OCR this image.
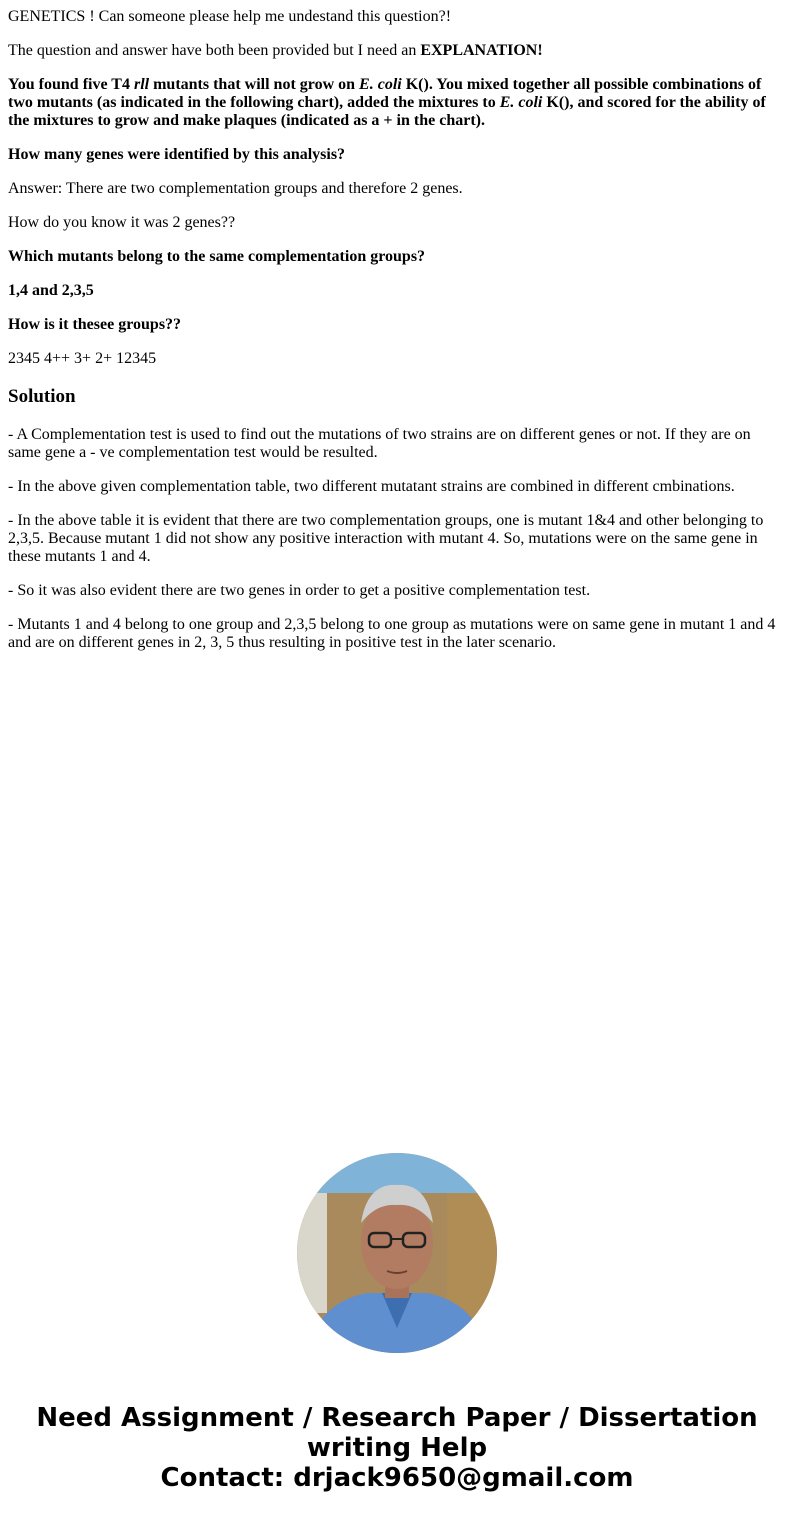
GENETICS ! Can someone please help me undestand this question?!

The question and answer have both been provided but I need an EXPLANATION!

You found five T4 rll mutants that will not grow on E. coli K(). You mixed together all possible combinations of two mutants (as indicated in the following chart), added the mixtures to E. coli K(), and scored for the ability of the mixtures to grow and make plaques (indicated as a + in the chart).

How many genes were identified by this analysis?

Answer: There are two complementation groups and therefore 2 genes.

How do you know it was 2 genes??

Which mutants belong to the same complementation groups?

1,4 and 2,3,5

How is it thesee groups??

2345 4++ 3+ 2+ 12345

Solution

- A Complementation test is used to find out the mutations of two strains are on different genes or not. If they are on same gene a - ve complementation test would be resulted.

- In the above given complementation table, two different mutatant strains are combined in different cmbinations.

- In the above table it is evident that there are two complementation groups, one is mutant 1&4 and other belonging to 2,3,5. Because mutant 1 did not show any positive interaction with mutant 4. So, mutations were on the same gene in these mutants 1 and 4.

- So it was also evident there are two genes in order to get a positive complementation test.

- Mutants 1 and 4 belong to one group and 2,3,5 belong to one group as mutations were on same gene in mutant 1 and 4 and are on different genes in 2, 3, 5 thus resulting in positive test in the later scenario.

Need Assignment / Research Paper / Dissertation
writing Help
Contact: drjack9650@gmail.com
